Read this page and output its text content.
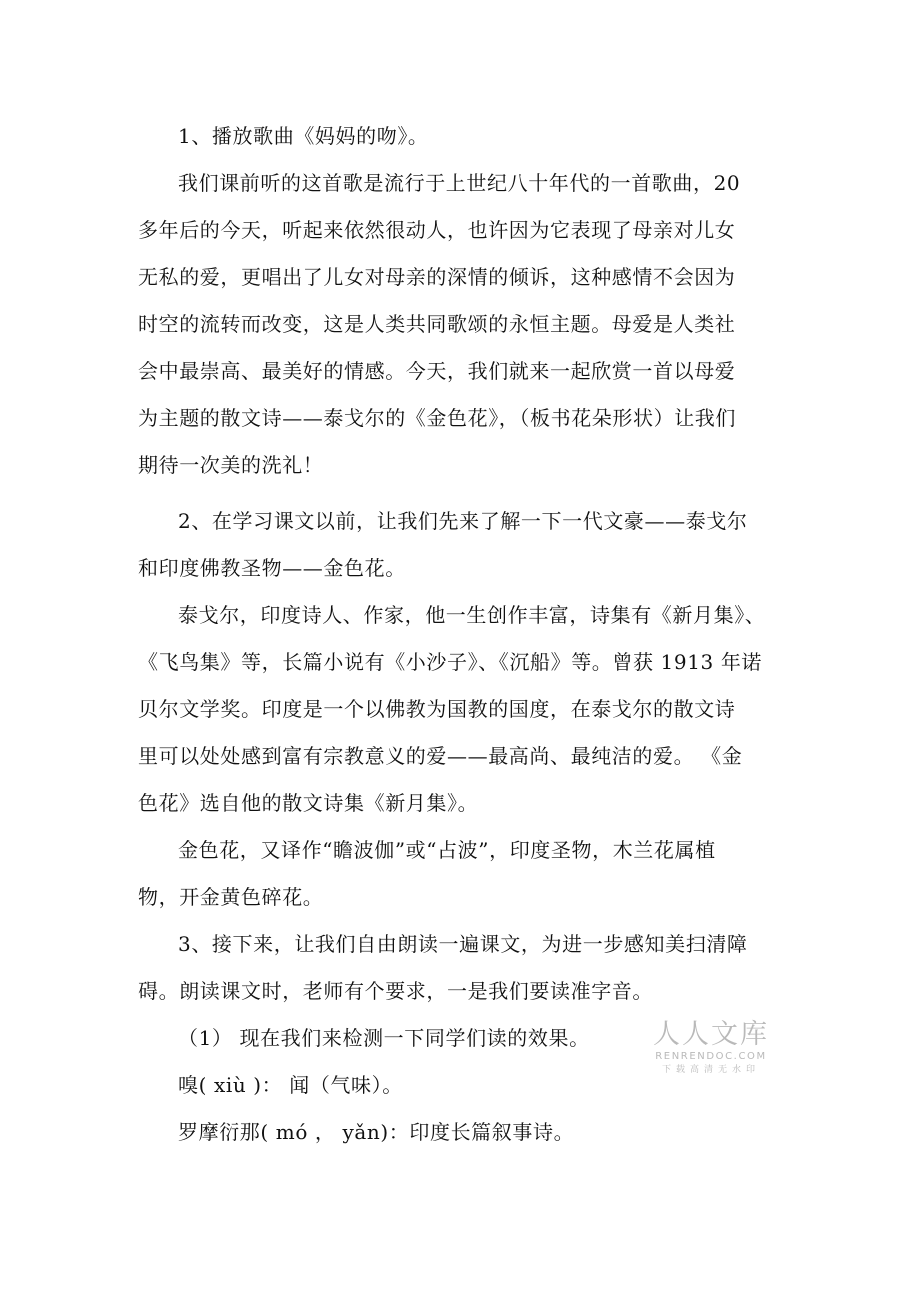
1、播放歌曲《妈妈的吻》。

我们课前听的这首歌是流行于上世纪八十年代的一首歌曲，20
多年后的今天，听起来依然很动人，也许因为它表现了母亲对儿女
无私的爱，更唱出了儿女对母亲的深情的倾诉，这种感情不会因为
时空的流转而改变，这是人类共同歌颂的永恒主题。母爱是人类社
会中最崇高、最美好的情感。今天，我们就来一起欣赏一首以母爱
为主题的散文诗——泰戈尔的《金色花》，（板书花朵形状）让我们
期待一次美的洗礼！

2、在学习课文以前，让我们先来了解一下一代文豪——泰戈尔
和印度佛教圣物——金色花。

泰戈尔，印度诗人、作家，他一生创作丰富，诗集有《新月集》、
《飞鸟集》等，长篇小说有《小沙子》、《沉船》等。曾获 1913 年诺
贝尔文学奖。印度是一个以佛教为国教的国度，在泰戈尔的散文诗
里可以处处感到富有宗教意义的爱——最高尚、最纯洁的爱。 《金
色花》选自他的散文诗集《新月集》。

金色花，又译作“瞻波伽”或“占波”，印度圣物，木兰花属植
物，开金黄色碎花。

3、接下来，让我们自由朗读一遍课文，为进一步感知美扫清障
碍。朗读课文时，老师有个要求，一是我们要读准字音。

（1） 现在我们来检测一下同学们读的效果。

嗅( xiù )： 闻（气味）。

罗摩衍那( mó ， yǎn)：印度长篇叙事诗。

人人文库
RENRENDOC.COM
下载高清无水印
